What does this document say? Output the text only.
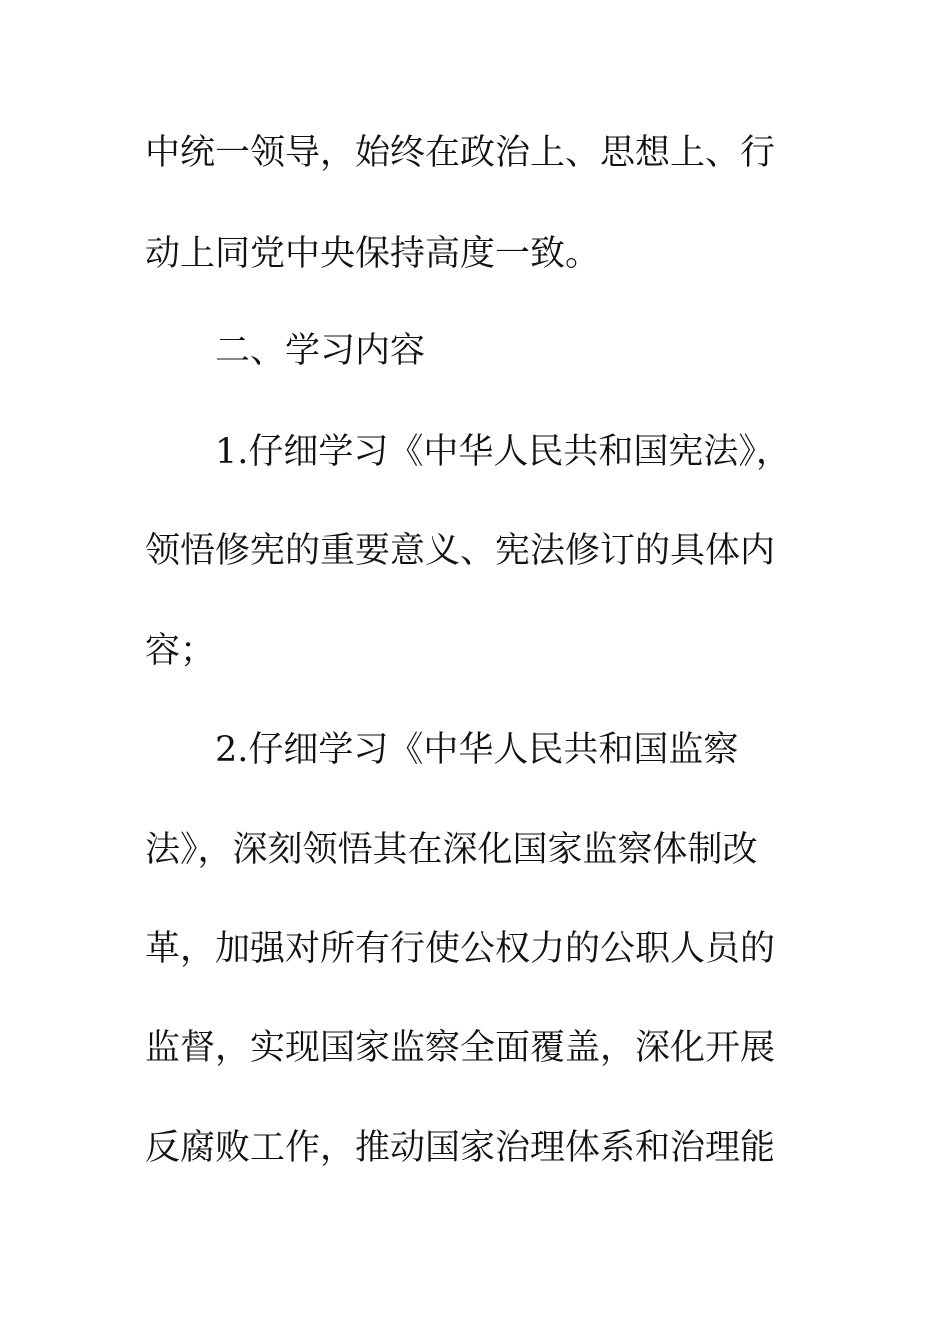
中统一领导，始终在政治上、思想上、行
动上同党中央保持高度一致。
二、学习内容
1.仔细学习《中华人民共和国宪法》，
领悟修宪的重要意义、宪法修订的具体内
容；
2.仔细学习《中华人民共和国监察
法》，深刻领悟其在深化国家监察体制改
革，加强对所有行使公权力的公职人员的
监督，实现国家监察全面覆盖，深化开展
反腐败工作，推动国家治理体系和治理能
